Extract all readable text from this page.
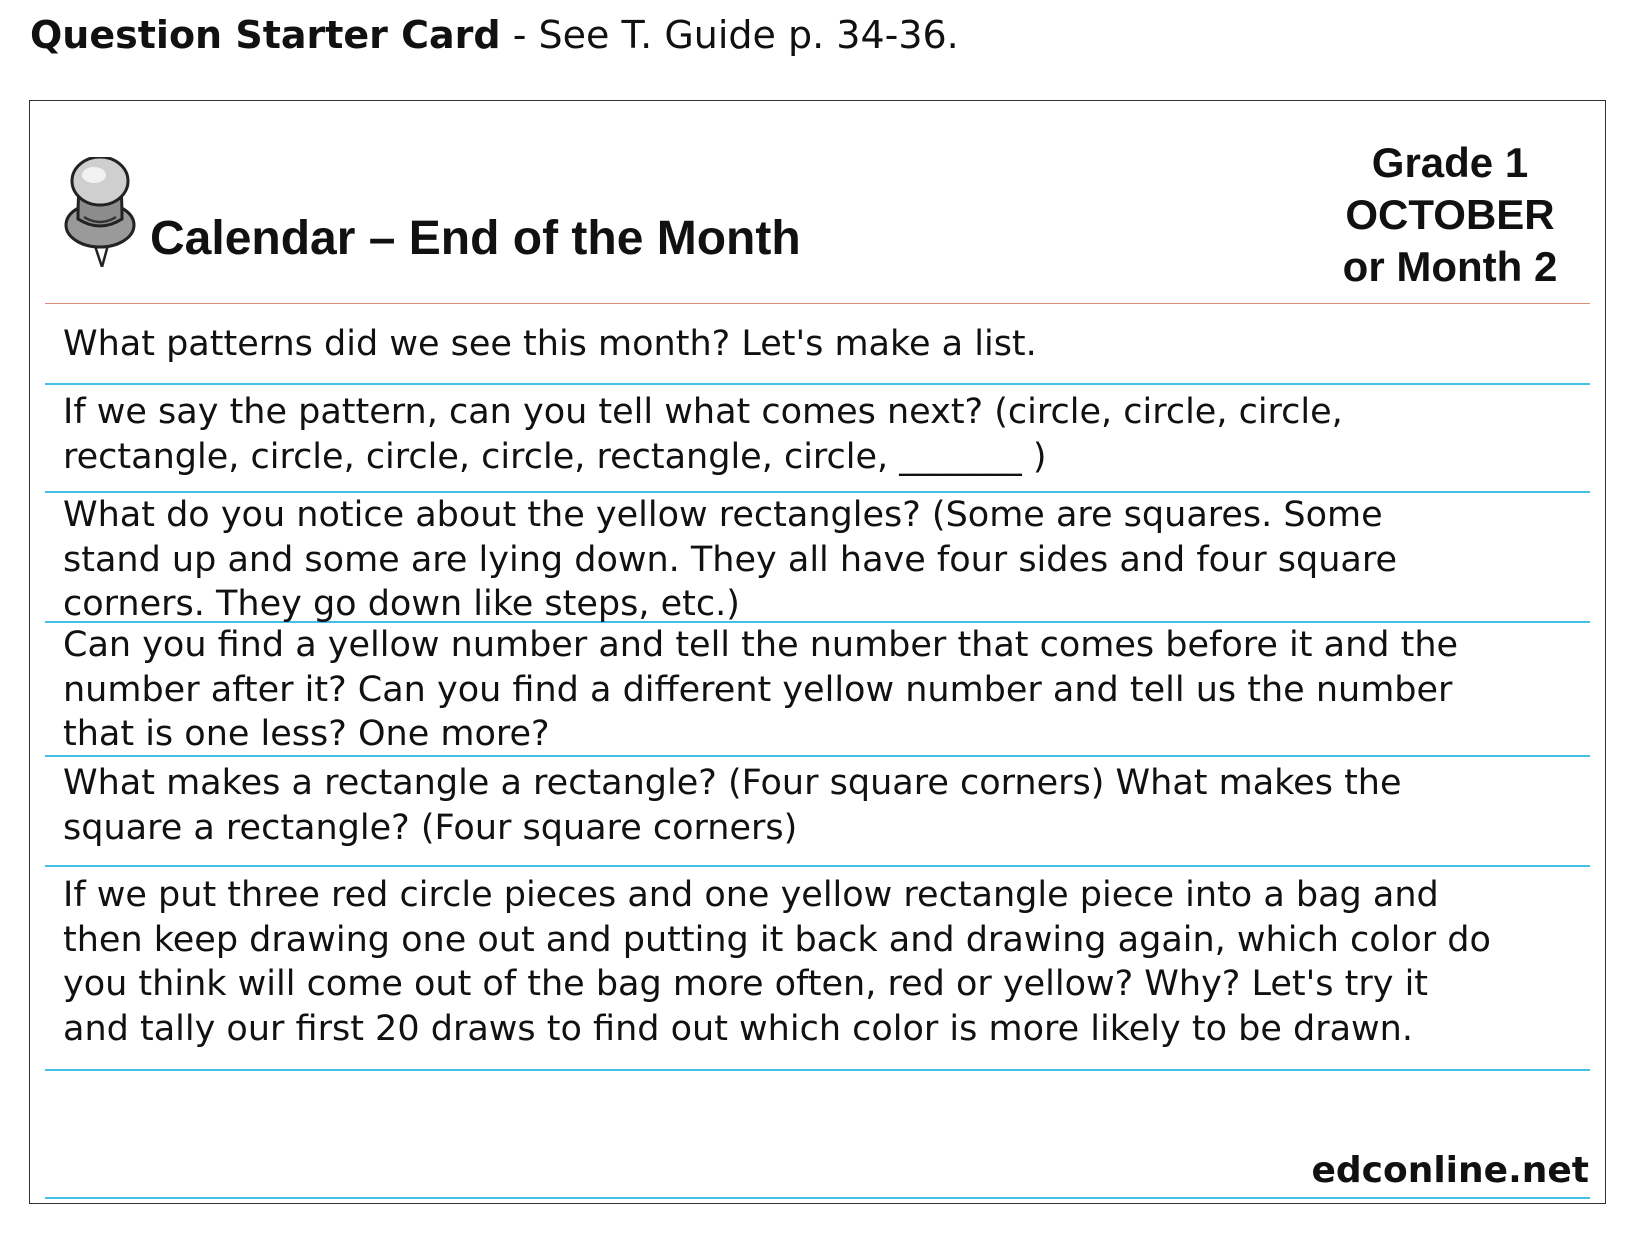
Question Starter Card - See T. Guide p. 34-36.
Calendar – End of the Month
Grade 1
OCTOBER
or Month 2
What patterns did we see this month? Let's make a list.
If we say the pattern, can you tell what comes next? (circle, circle, circle,
rectangle, circle, circle, circle, rectangle, circle, _______ )
What do you notice about the yellow rectangles? (Some are squares. Some
stand up and some are lying down. They all have four sides and four square
corners. They go down like steps, etc.)
Can you find a yellow number and tell the number that comes before it and the
number after it? Can you find a different yellow number and tell us the number
that is one less? One more?
What makes a rectangle a rectangle? (Four square corners) What makes the
square a rectangle? (Four square corners)
If we put three red circle pieces and one yellow rectangle piece into a bag and
then keep drawing one out and putting it back and drawing again, which color do
you think will come out of the bag more often, red or yellow? Why? Let's try it
and tally our first 20 draws to find out which color is more likely to be drawn.
edconline.net
